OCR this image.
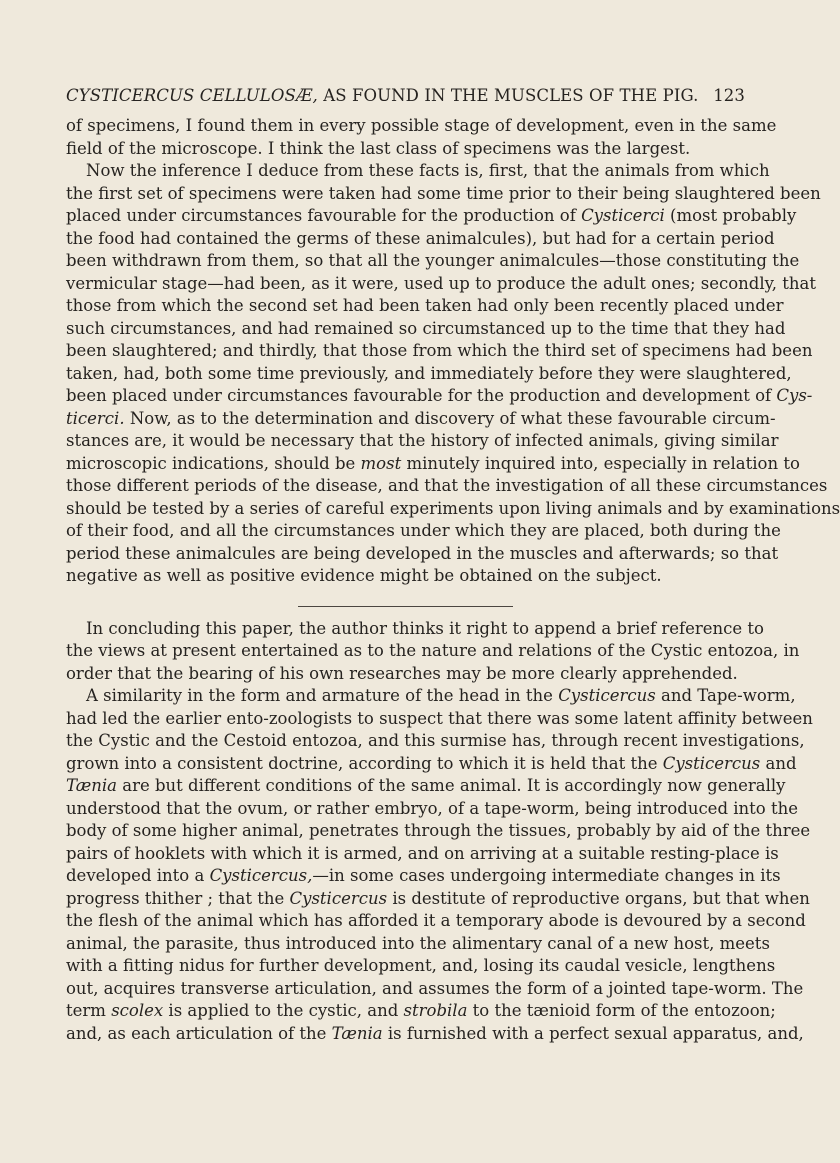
CYSTICERCUS CELLULOSÆ, AS FOUND IN THE MUSCLES OF THE PIG. 123
of specimens, I found them in every possible stage of development, even in the same
field of the microscope. I think the last class of specimens was the largest.
Now the inference I deduce from these facts is, first, that the animals from which
the first set of specimens were taken had some time prior to their being slaughtered been
placed under circumstances favourable for the production of Cysticerci (most probably
the food had contained the germs of these animalcules), but had for a certain period
been withdrawn from them, so that all the younger animalcules—those constituting the
vermicular stage—had been, as it were, used up to produce the adult ones; secondly, that
those from which the second set had been taken had only been recently placed under
such circumstances, and had remained so circumstanced up to the time that they had
been slaughtered; and thirdly, that those from which the third set of specimens had been
taken, had, both some time previously, and immediately before they were slaughtered,
been placed under circumstances favourable for the production and development of Cys-
ticerci. Now, as to the determination and discovery of what these favourable circum-
stances are, it would be necessary that the history of infected animals, giving similar
microscopic indications, should be most minutely inquired into, especially in relation to
those different periods of the disease, and that the investigation of all these circumstances
should be tested by a series of careful experiments upon living animals and by examinations
of their food, and all the circumstances under which they are placed, both during the
period these animalcules are being developed in the muscles and afterwards; so that
negative as well as positive evidence might be obtained on the subject.
In concluding this paper, the author thinks it right to append a brief reference to
the views at present entertained as to the nature and relations of the Cystic entozoa, in
order that the bearing of his own researches may be more clearly apprehended.
A similarity in the form and armature of the head in the Cysticercus and Tape-worm,
had led the earlier ento-zoologists to suspect that there was some latent affinity between
the Cystic and the Cestoid entozoa, and this surmise has, through recent investigations,
grown into a consistent doctrine, according to which it is held that the Cysticercus and
Tænia are but different conditions of the same animal. It is accordingly now generally
understood that the ovum, or rather embryo, of a tape-worm, being introduced into the
body of some higher animal, penetrates through the tissues, probably by aid of the three
pairs of hooklets with which it is armed, and on arriving at a suitable resting-place is
developed into a Cysticercus,—in some cases undergoing intermediate changes in its
progress thither ; that the Cysticercus is destitute of reproductive organs, but that when
the flesh of the animal which has afforded it a temporary abode is devoured by a second
animal, the parasite, thus introduced into the alimentary canal of a new host, meets
with a fitting nidus for further development, and, losing its caudal vesicle, lengthens
out, acquires transverse articulation, and assumes the form of a jointed tape-worm. The
term scolex is applied to the cystic, and strobila to the tænioid form of the entozoon;
and, as each articulation of the Tænia is furnished with a perfect sexual apparatus, and,
